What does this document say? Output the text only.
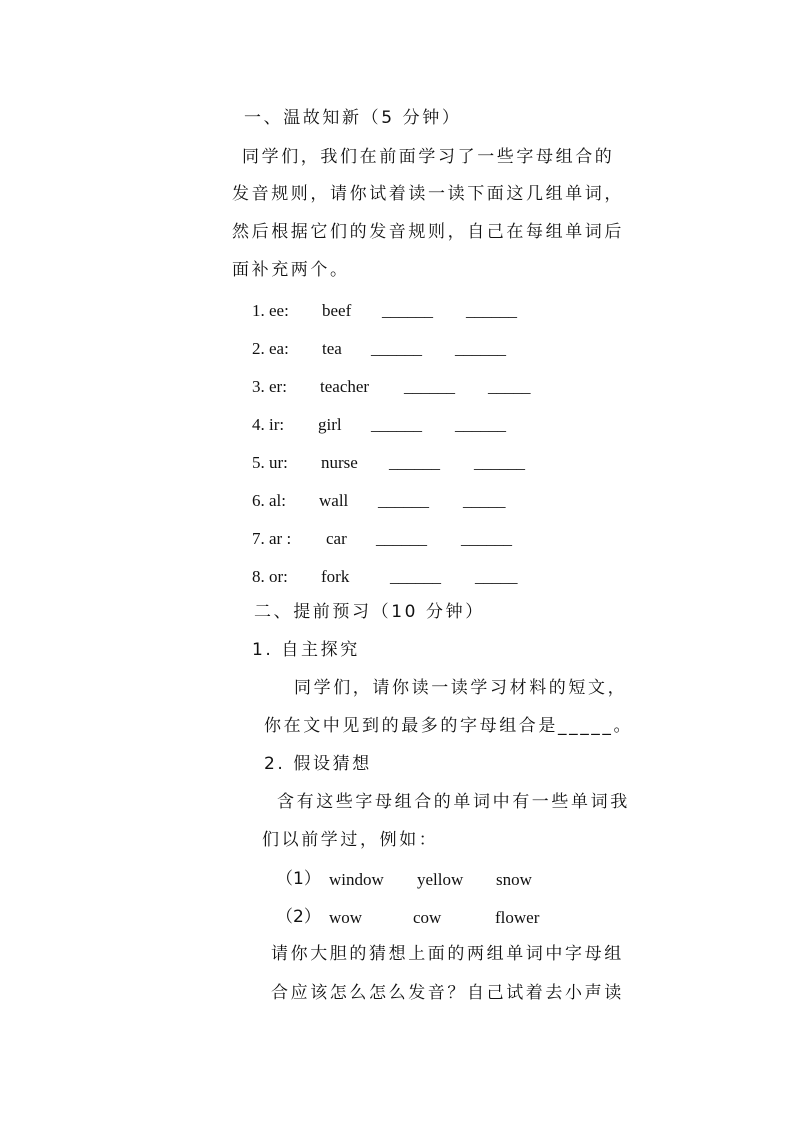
一、温故知新（5 分钟）
同学们，我们在前面学习了一些字母组合的
发音规则，请你试着读一读下面这几组单词，
然后根据它们的发音规则，自己在每组单词后
面补充两个。
1. ee: beef ______ ______
2. ea: tea ______ ______
3. er: teacher ______ _____
4. ir: girl ______ ______
5. ur: nurse ______ ______
6. al: wall ______ _____
7. ar : car ______ ______
8. or: fork ______ _____
二、提前预习（10 分钟）
1. 自主探究
同学们，请你读一读学习材料的短文，
你在文中见到的最多的字母组合是_____。
2. 假设猜想
含有这些字母组合的单词中有一些单词我
们以前学过，例如：
（1） window yellow snow
（2） wow	cow	flower
请你大胆的猜想上面的两组单词中字母组
合应该怎么怎么发音？自己试着去小声读
